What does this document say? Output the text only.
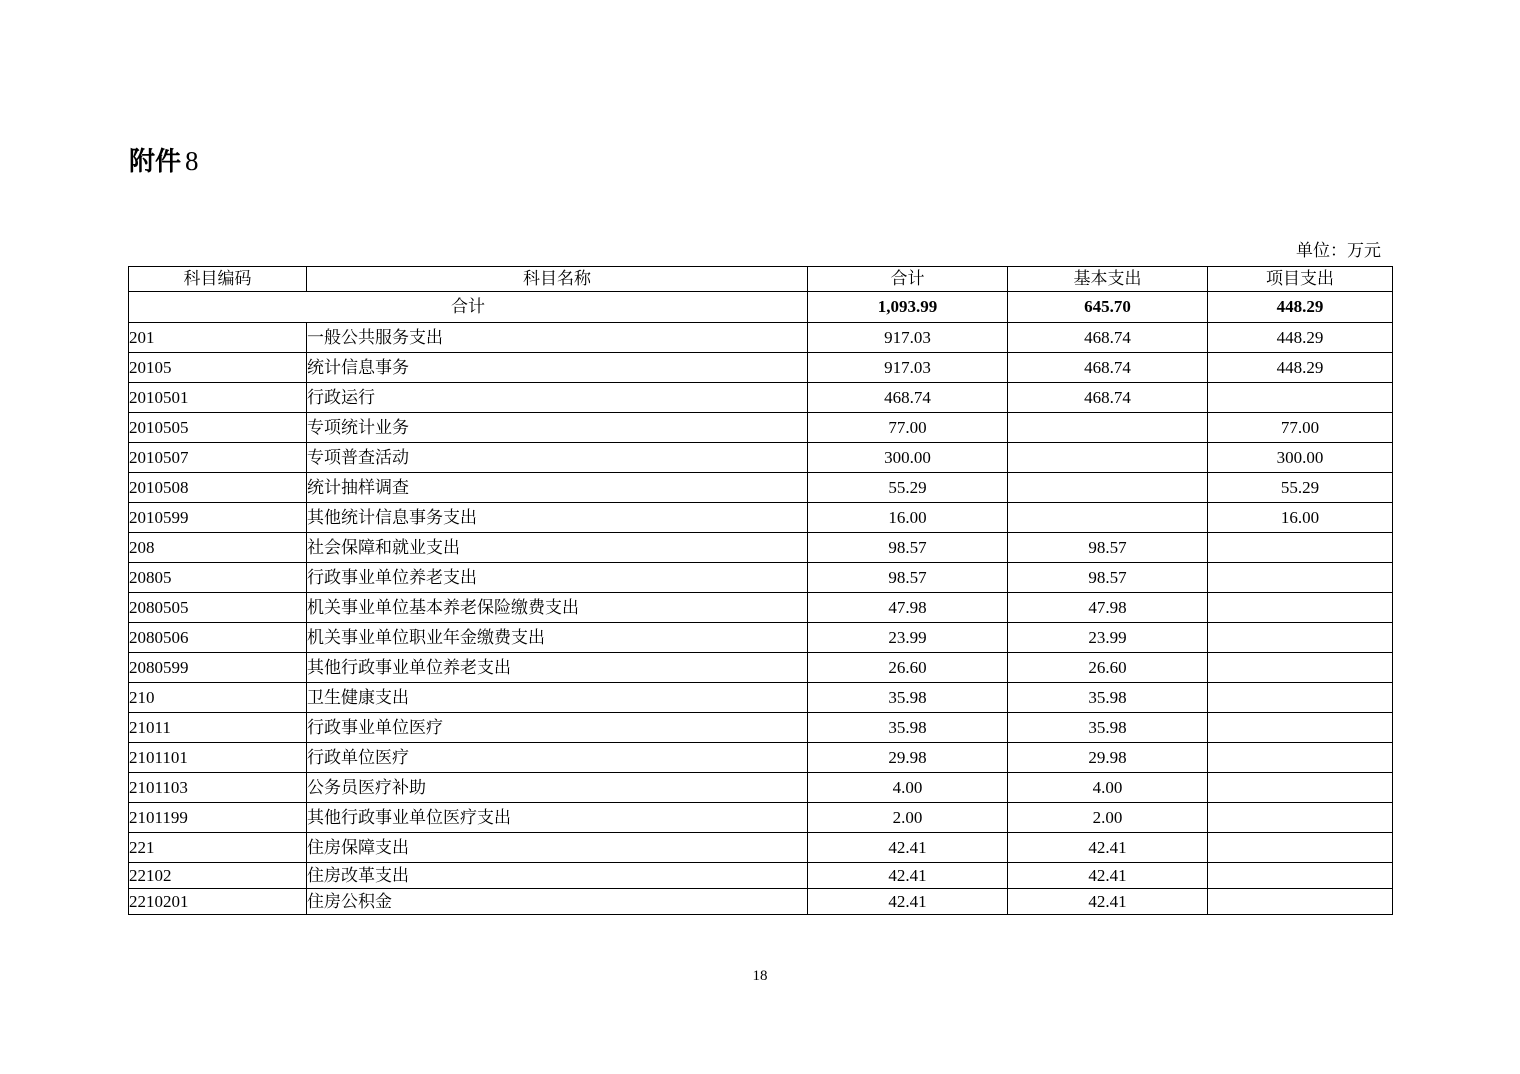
附件 8
单位：万元
科目编码	科目名称	合计	基本支出	项目支出
合计		1,093.99	645.70	448.29
201	一般公共服务支出	917.03	468.74	448.29
20105	统计信息事务	917.03	468.74	448.29
2010501	行政运行	468.74	468.74	
2010505	专项统计业务	77.00		77.00
2010507	专项普查活动	300.00		300.00
2010508	统计抽样调查	55.29		55.29
2010599	其他统计信息事务支出	16.00		16.00
208	社会保障和就业支出	98.57	98.57	
20805	行政事业单位养老支出	98.57	98.57	
2080505	机关事业单位基本养老保险缴费支出	47.98	47.98	
2080506	机关事业单位职业年金缴费支出	23.99	23.99	
2080599	其他行政事业单位养老支出	26.60	26.60	
210	卫生健康支出	35.98	35.98	
21011	行政事业单位医疗	35.98	35.98	
2101101	行政单位医疗	29.98	29.98	
2101103	公务员医疗补助	4.00	4.00	
2101199	其他行政事业单位医疗支出	2.00	2.00	
221	住房保障支出	42.41	42.41	
22102	住房改革支出	42.41	42.41	
2210201	住房公积金	42.41	42.41	
18
